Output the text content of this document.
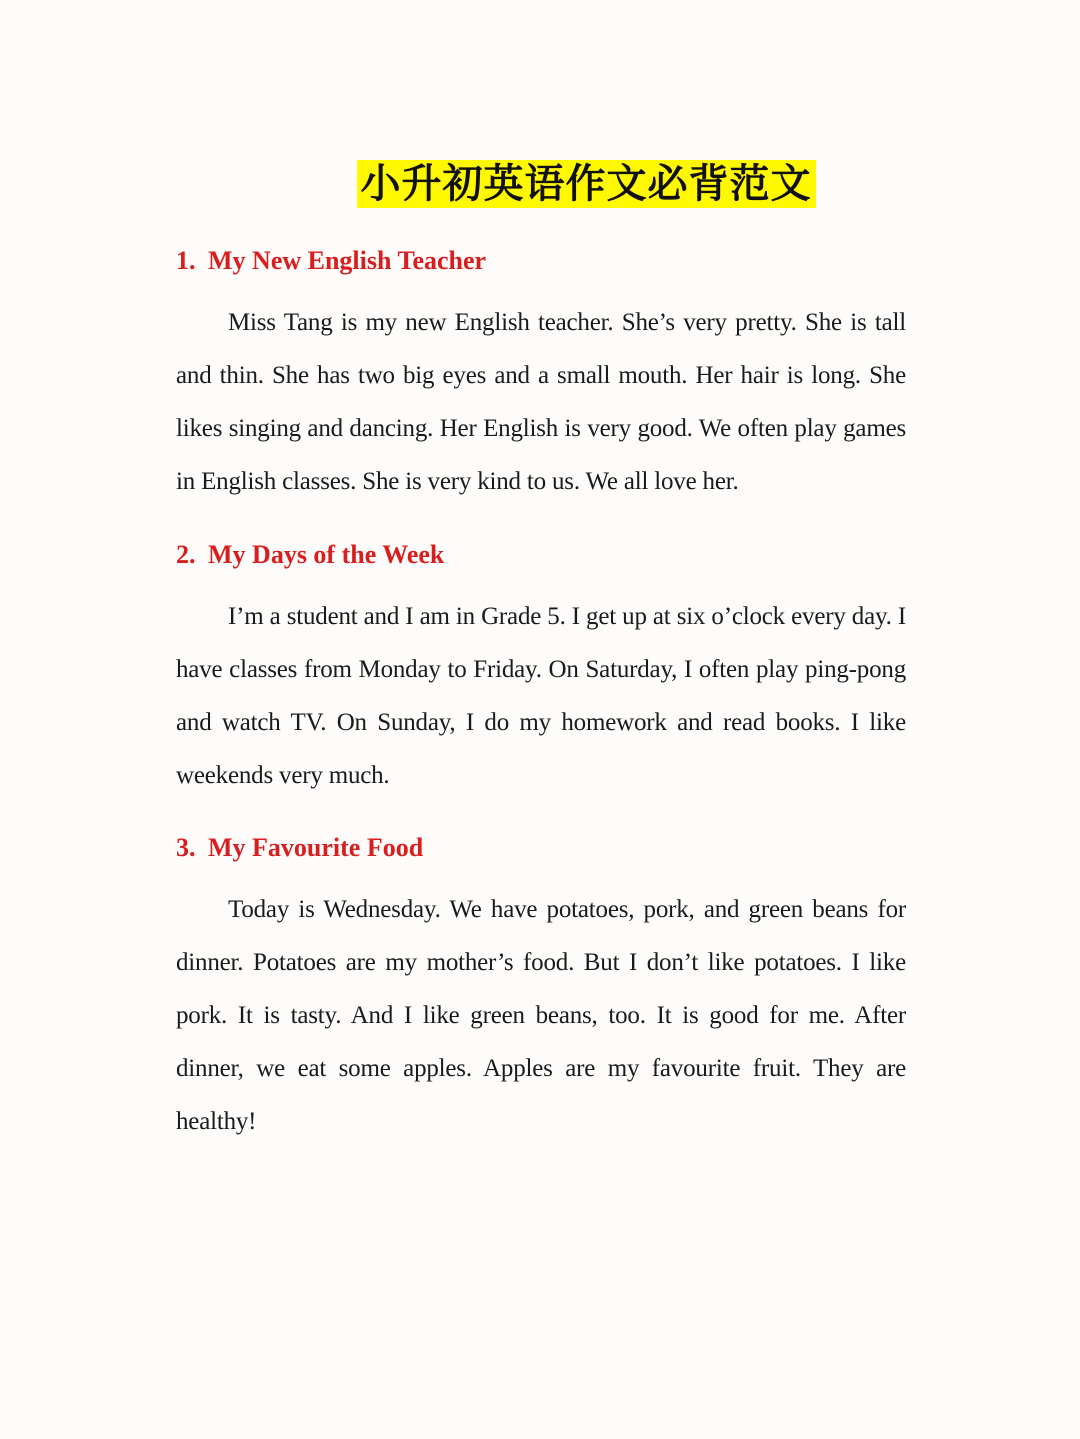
小升初英语作文必背范文
1. My New English Teacher

Miss Tang is my new English teacher. She’s very pretty. She is tall and thin. She has two big eyes and a small mouth. Her hair is long. She likes singing and dancing. Her English is very good. We often play games in English classes. She is very kind to us. We all love her.

2. My Days of the Week

I’m a student and I am in Grade 5. I get up at six o’clock every day. I have classes from Monday to Friday. On Saturday, I often play ping-pong and watch TV. On Sunday, I do my homework and read books. I like weekends very much.

3. My Favourite Food

Today is Wednesday. We have potatoes, pork, and green beans for dinner. Potatoes are my mother’s food. But I don’t like potatoes. I like pork. It is tasty. And I like green beans, too. It is good for me. After dinner, we eat some apples. Apples are my favourite fruit. They are healthy!
